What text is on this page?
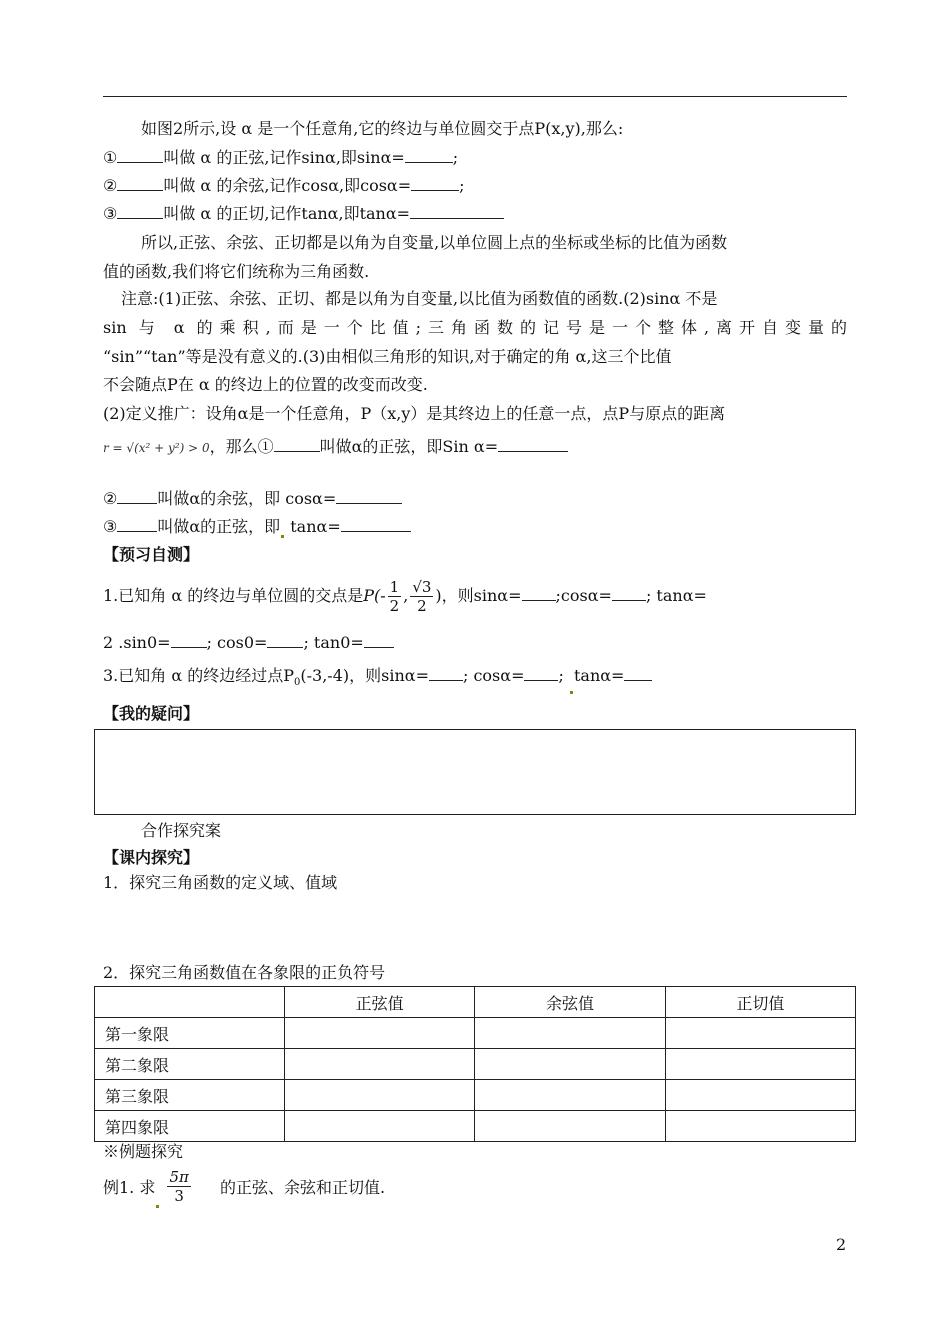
如图2所示,设 α 是一个任意角,它的终边与单位圆交于点P(x,y),那么:
①	叫做 α 的正弦,记作sinα,即sinα=	;
②	叫做 α 的余弦,记作cosα,即cosα=	;
③	叫做 α 的正切,记作tanα,即tanα=
所以,正弦、余弦、正切都是以角为自变量,以单位圆上点的坐标或坐标的比值为函数
值的函数,我们将它们统称为三角函数.
注意:(1)正弦、余弦、正切、都是以角为自变量,以比值为函数值的函数.(2)sinα 不是
sin 与 α 的乘积,而是一个比值;三角函数的记号是一个整体,离开自变量的
“sin”“tan”等是没有意义的.(3)由相似三角形的知识,对于确定的角 α,这三个比值
不会随点P在 α 的终边上的位置的改变而改变.
(2)定义推广：设角α是一个任意角，P（x,y）是其终边上的任意一点，点P与原点的距离
r = √(x² + y²) > 0，那么①	叫做α的正弦，即Sin α=
②	叫做α的余弦，即 cosα=
③	叫做α的正弦，即 tanα=
【预习自测】
1.已知角 α 的终边与单位圆的交点是$P(- \frac{1}{2}$ , $\frac{√3}{2}$ )，则sinα= ;cosα= ; tanα=
2 .sin0= ; cos0= ; tan0=
3.已知角 α 的终边经过点$P_0(-3,-4)$，则sinα= ; cosα= ; tanα=
【我的疑问】
合作探究案
【课内探究】
1．探究三角函数的定义域、值域
2．探究三角函数值在各象限的正负符号
	正弦值	余弦值	正切值
第一象限			
第二象限			
第三象限			
第四象限			
※例题探究
例1. 求 $\frac{5\pi}{3}$ 的正弦、余弦和正切值.
2
